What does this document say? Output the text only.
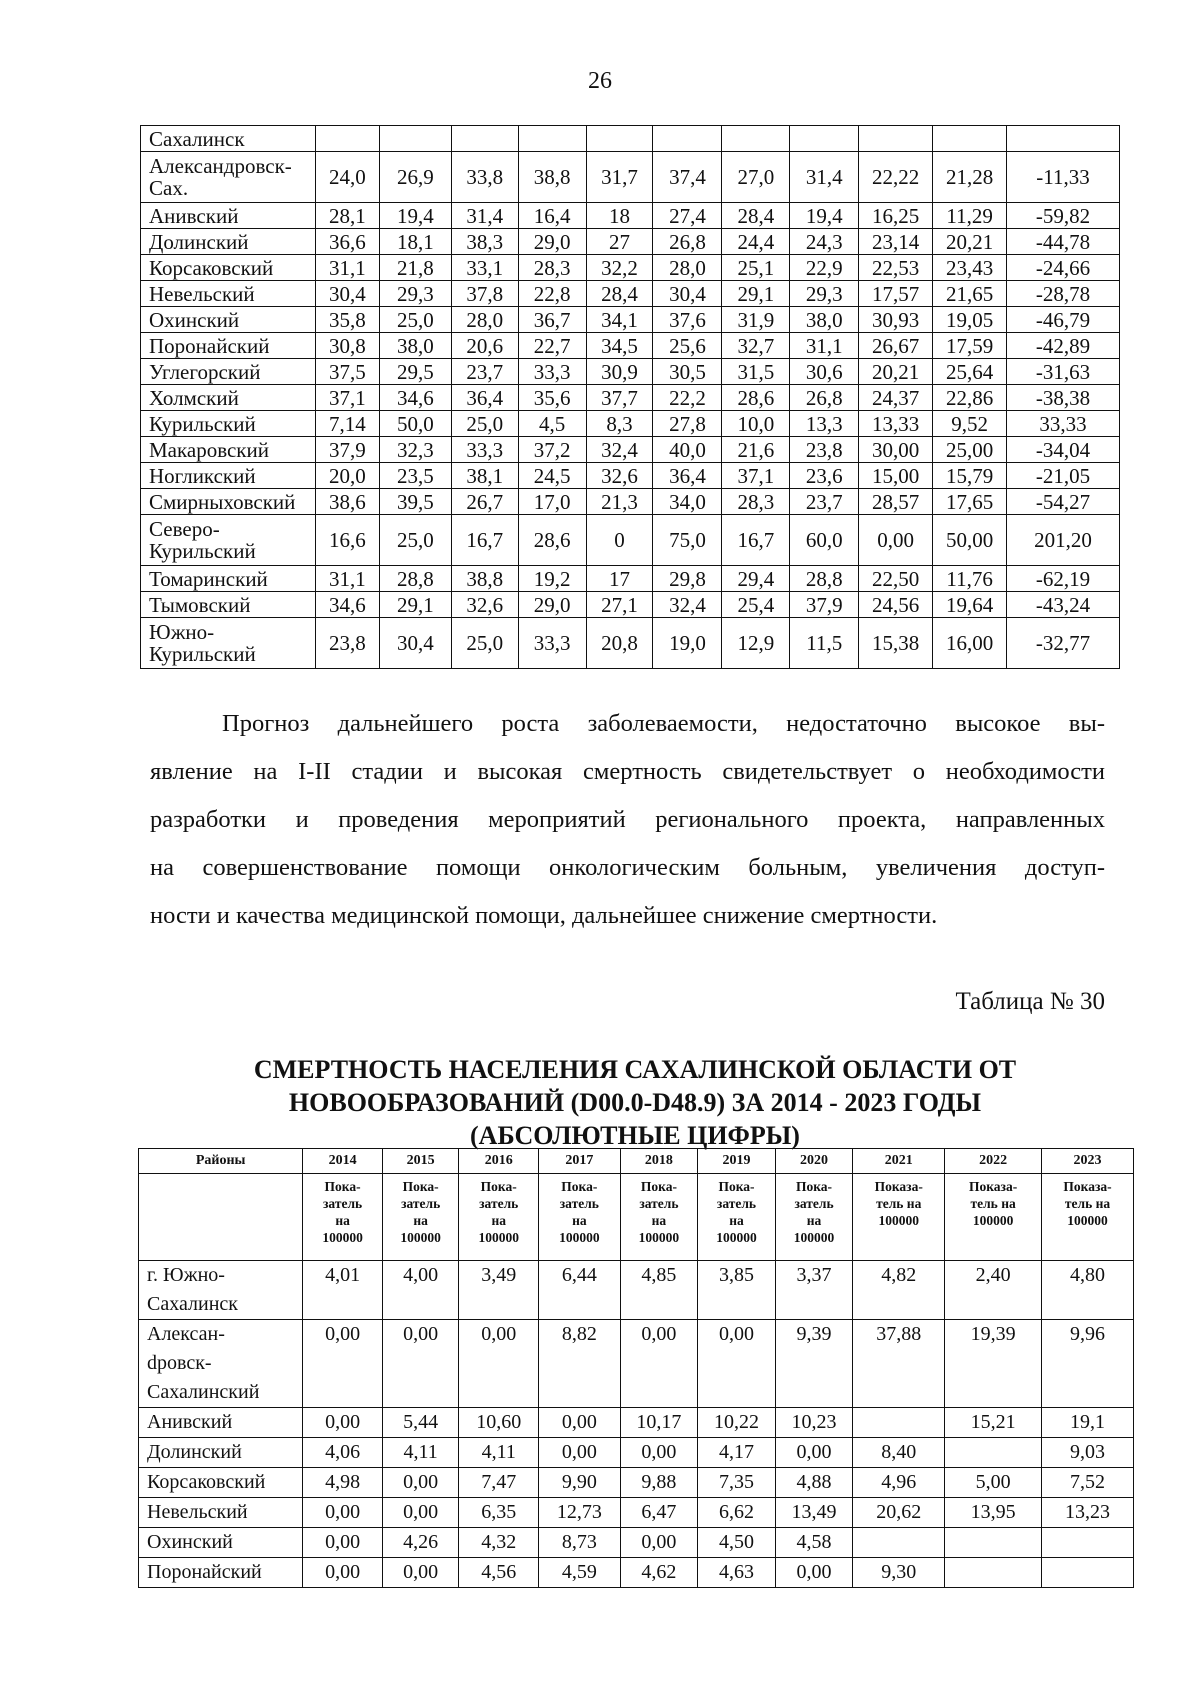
26
Сахалинск											
Александровск-Сах.	24,0	26,9	33,8	38,8	31,7	37,4	27,0	31,4	22,22	21,28	-11,33
Анивский	28,1	19,4	31,4	16,4	18	27,4	28,4	19,4	16,25	11,29	-59,82
Долинский	36,6	18,1	38,3	29,0	27	26,8	24,4	24,3	23,14	20,21	-44,78
Корсаковский	31,1	21,8	33,1	28,3	32,2	28,0	25,1	22,9	22,53	23,43	-24,66
Невельский	30,4	29,3	37,8	22,8	28,4	30,4	29,1	29,3	17,57	21,65	-28,78
Охинский	35,8	25,0	28,0	36,7	34,1	37,6	31,9	38,0	30,93	19,05	-46,79
Поронайский	30,8	38,0	20,6	22,7	34,5	25,6	32,7	31,1	26,67	17,59	-42,89
Углегорский	37,5	29,5	23,7	33,3	30,9	30,5	31,5	30,6	20,21	25,64	-31,63
Холмский	37,1	34,6	36,4	35,6	37,7	22,2	28,6	26,8	24,37	22,86	-38,38
Курильский	7,14	50,0	25,0	4,5	8,3	27,8	10,0	13,3	13,33	9,52	33,33
Макаровский	37,9	32,3	33,3	37,2	32,4	40,0	21,6	23,8	30,00	25,00	-34,04
Ногликский	20,0	23,5	38,1	24,5	32,6	36,4	37,1	23,6	15,00	15,79	-21,05
Смирныховский	38,6	39,5	26,7	17,0	21,3	34,0	28,3	23,7	28,57	17,65	-54,27
Северо-Курильский	16,6	25,0	16,7	28,6	0	75,0	16,7	60,0	0,00	50,00	201,20
Томаринский	31,1	28,8	38,8	19,2	17	29,8	29,4	28,8	22,50	11,76	-62,19
Тымовский	34,6	29,1	32,6	29,0	27,1	32,4	25,4	37,9	24,56	19,64	-43,24
Южно-Курильский	23,8	30,4	25,0	33,3	20,8	19,0	12,9	11,5	15,38	16,00	-32,77
Прогноз дальнейшего роста заболеваемости, недостаточно высокое вы-
явление на I-II стадии и высокая смертность свидетельствует о необходимости
разработки и проведения мероприятий регионального проекта, направленных
на совершенствование помощи онкологическим больным, увеличения доступ-
ности и качества медицинской помощи, дальнейшее снижение смертности.
Таблица № 30
СМЕРТНОСТЬ НАСЕЛЕНИЯ САХАЛИНСКОЙ ОБЛАСТИ ОТ
НОВООБРАЗОВАНИЙ (D00.0-D48.9) ЗА 2014 - 2023 ГОДЫ
(АБСОЛЮТНЫЕ ЦИФРЫ)
Районы	2014	2015	2016	2017	2018	2019	2020	2021	2022	2023
	Пока-
затель
на
100000	Пока-
затель
на
100000	Пока-
затель
на
100000	Пока-
затель
на
100000	Пока-
затель
на
100000	Пока-
затель
на
100000	Пока-
затель
на
100000	Показа-
тель на
100000	Показа-
тель на
100000	Показа-
тель на
100000
г. Южно-
Сахалинск	4,01	4,00	3,49	6,44	4,85	3,85	3,37	4,82	2,40	4,80
Алексан-
dровск-
Сахалинский	0,00	0,00	0,00	8,82	0,00	0,00	9,39	37,88	19,39	9,96
Анивский	0,00	5,44	10,60	0,00	10,17	10,22	10,23		15,21	19,1
Долинский	4,06	4,11	4,11	0,00	0,00	4,17	0,00	8,40		9,03
Корсаковский	4,98	0,00	7,47	9,90	9,88	7,35	4,88	4,96	5,00	7,52
Невельский	0,00	0,00	6,35	12,73	6,47	6,62	13,49	20,62	13,95	13,23
Охинский	0,00	4,26	4,32	8,73	0,00	4,50	4,58			
Поронайский	0,00	0,00	4,56	4,59	4,62	4,63	0,00	9,30		
